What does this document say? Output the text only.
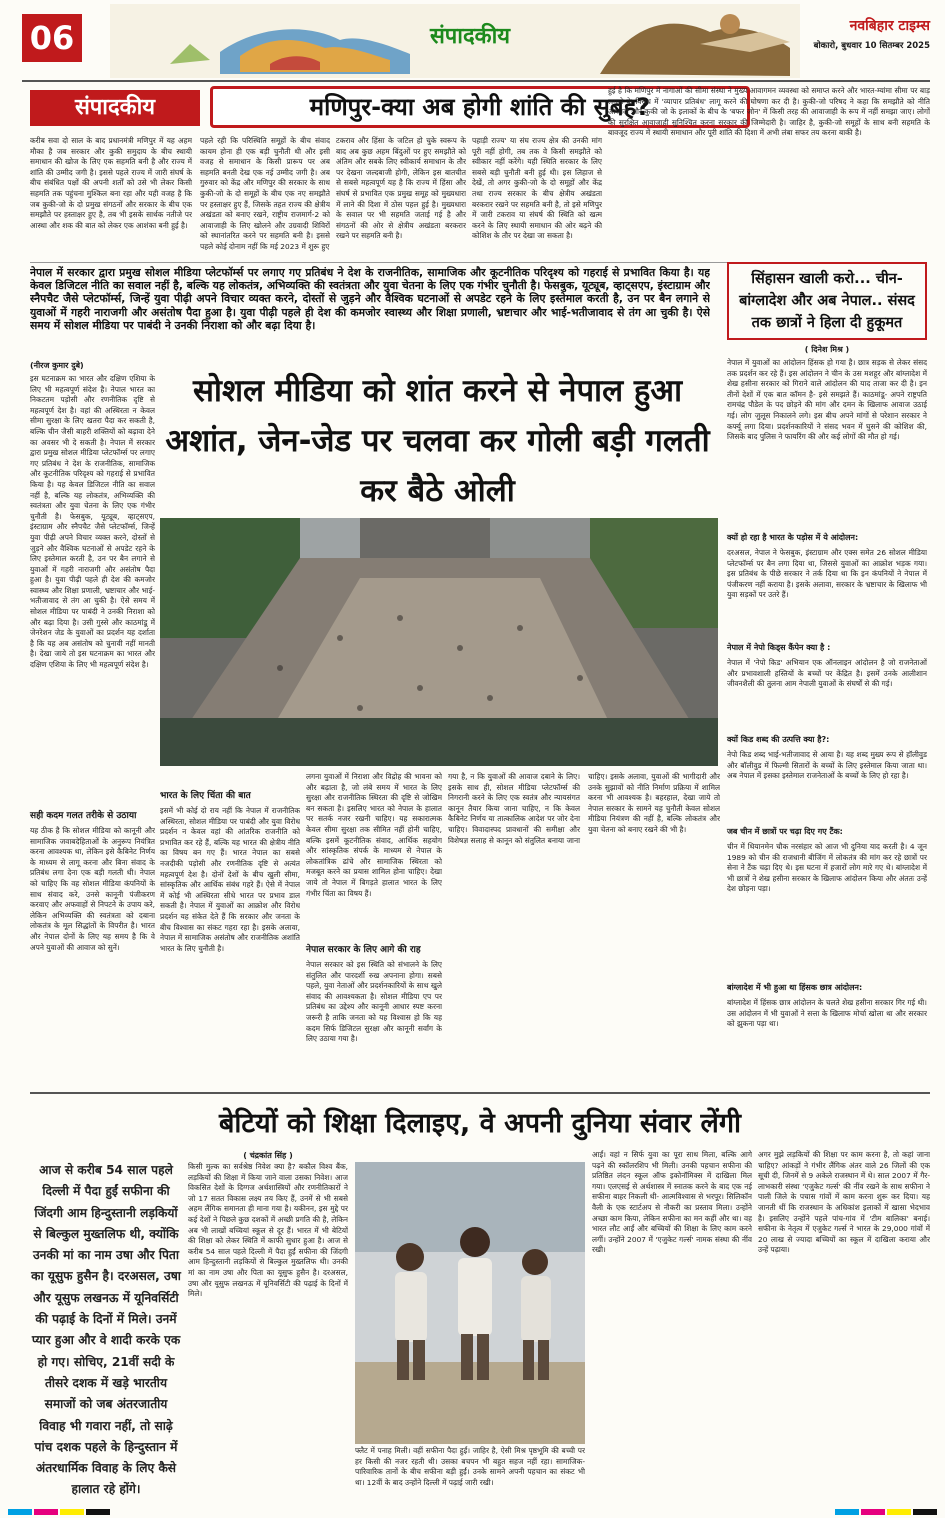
06	संपादकीय	नवबिहार टाइम्स
बोकारो, बुधवार 10 सितम्बर 2025
संपादकीय	मणिपुर-क्या अब होगी शांति की सुबह?
करीब सवा दो साल के बाद प्रधानमंत्री मणिपुर में यह अहम मौका है जब सरकार और कुकी समुदाय के बीच स्थायी समाधान की खोज के लिए एक सहमति बनी है और राज्य में शांति की उम्मीद जगी है। इससे पहले राज्य में जारी संघर्ष के बीच संबंधित पक्षों की अपनी शर्तों को उसे भी लेकर किसी सहमति तक पहुंचना मुश्किल बना रहा और यही वजह है कि जब कुकी-जो के दो प्रमुख संगठनों और सरकार के बीच एक समझौते पर हस्ताक्षर हुए है, तब भी इसके सार्थक नतीजे पर आस्था और शक की बात को लेकर एक आशंका बनी हुई है।
पहले रही कि परिस्थिति समूहों के बीच संवाद कायम होना ही एक बड़ी चुनौती थी और इसी वजह से समाधान के किसी प्रारूप पर अब सहमति बनती देख एक नई उम्मीद जगी है। अब गुरुवार को केंद्र और मणिपुर की सरकार के साथ कुकी-जो के दो समूहों के बीच एक नए समझौते पर हस्ताक्षर हुए हैं, जिसके तहत राज्य की क्षेत्रीय अखंडता को बनाए रखने, राष्ट्रीय राजमार्ग-2 को आवाजाही के लिए खोलने और उग्रवादी शिविरों को स्थानांतरित करने पर सहमति बनी है। इससे पहले कोई दोनाम नहीं कि मई 2023 में शुरू हुए
टकराव और हिंसा के जटिल हो चुके स्वरूप के बाद अब कुछ अहम बिंदुओं पर हुए समझौते को अंतिम और सबके लिए स्वीकार्य समाधान के तौर पर देखना जल्दबाजी होगी, लेकिन इस बातचीत से सबसे महत्वपूर्ण यह है कि राज्य में हिंसा और संघर्ष से प्रभावित एक प्रमुख समूह को मुख्यधारा में लाने की दिशा में ठोस पहल हुई है। मुख्यधारा के सवाल पर भी सहमति जताई गई है और संगठनों की ओर से क्षेत्रीय अखंडता बरकरार रखने पर सहमति बनी है।
पहाड़ी राज्य' या संघ राज्य क्षेत्र की उनकी मांग पूरी नहीं होगी, तब तक वे किसी समझौते को स्वीकार नहीं करेंगे। यही स्थिति सरकार के लिए सबसे बड़ी चुनौती बनी हुई थी। इस लिहाज से देखें, तो अगर कुकी-जो के दो समूहों और केंद्र तथा राज्य सरकार के बीच क्षेत्रीय अखंडता बरकरार रखने पर सहमति बनी है, तो इसे मणिपुर में जारी टकराव या संघर्ष की स्थिति को खत्म करने के लिए स्थायी समाधान की ओर बढ़ने की कोशिश के तौर पर देखा जा सकता है।
हुई है कि मणिपुर में नागाओं की सीमा संस्था ने मुख्य आवागमन व्यवस्था को समाप्त करने और भारत-म्यांमा सीमा पर बाड़ लगाने के विरोध में 'व्यापार प्रतिबंध' लागू करने की घोषणा कर दी है। कुकी-जो परिषद ने कहा कि समझौते को नीति आजादी और कुकी जो के इलाकों के बीच के 'बफर जोन' में किसी तरह की आवाजाही के रूप में नहीं समझा जाए। लोगों की सुरक्षित आवाजाही सुनिश्चित करना सरकार की जिम्मेदारी है। जाहिर है, कुकी-जो समूहों के साथ बनी सहमति के बावजूद राज्य में स्थायी समाधान और पूरी शांति की दिशा में अभी लंबा सफर तय करना बाकी है।
नेपाल में सरकार द्वारा प्रमुख सोशल मीडिया प्लेटफॉर्म्स पर लगाए गए प्रतिबंध ने देश के राजनीतिक, सामाजिक और कूटनीतिक परिदृश्य को गहराई से प्रभावित किया है। यह केवल डिजिटल नीति का सवाल नहीं है, बल्कि यह लोकतंत्र, अभिव्यक्ति की स्वतंत्रता और युवा चेतना के लिए एक गंभीर चुनौती है। फेसबुक, यूट्यूब, व्हाट्सएप, इंस्टाग्राम और स्नैपचैट जैसे प्लेटफॉर्म्स, जिन्हें युवा पीढ़ी अपने विचार व्यक्त करने, दोस्तों से जुड़ने और वैश्विक घटनाओं से अपडेट रहने के लिए इस्तेमाल करती है, उन पर बैन लगाने से युवाओं में गहरी नाराजगी और असंतोष पैदा हुआ है। युवा पीढ़ी पहले ही देश की कमजोर स्वास्थ्य और शिक्षा प्रणाली, भ्रष्टाचार और भाई-भतीजावाद से तंग आ चुकी है। ऐसे समय में सोशल मीडिया पर पाबंदी ने उनकी निराशा को और बढ़ा दिया है।
(नीरज कुमार दुबे)
इस घटनाक्रम का भारत और दक्षिण एशिया के लिए भी महत्वपूर्ण संदेश है। नेपाल भारत का निकटतम पड़ोसी और रणनीतिक दृष्टि से महत्वपूर्ण देश है। वहां की अस्थिरता न केवल सीमा सुरक्षा के लिए खतरा पैदा कर सकती है, बल्कि चीन जैसी बाहरी शक्तियों को बढ़ावा देने का अवसर भी दे सकती है। नेपाल में सरकार द्वारा प्रमुख सोशल मीडिया प्लेटफॉर्म्स पर लगाए गए प्रतिबंध ने देश के राजनीतिक, सामाजिक और कूटनीतिक परिदृश्य को गहराई से प्रभावित किया है। यह केवल डिजिटल नीति का सवाल नहीं है, बल्कि यह लोकतंत्र, अभिव्यक्ति की स्वतंत्रता और युवा चेतना के लिए एक गंभीर चुनौती है। फेसबुक, यूट्यूब, व्हाट्सएप, इंस्टाग्राम और स्नैपचैट जैसे प्लेटफॉर्म्स, जिन्हें युवा पीढ़ी अपने विचार व्यक्त करने, दोस्तों से जुड़ने और वैश्विक घटनाओं से अपडेट रहने के लिए इस्तेमाल करती है, उन पर बैन लगाने से युवाओं में गहरी नाराजगी और असंतोष पैदा हुआ है। युवा पीढ़ी पहले ही देश की कमजोर स्वास्थ्य और शिक्षा प्रणाली, भ्रष्टाचार और भाई-भतीजावाद से तंग आ चुकी है। ऐसे समय में सोशल मीडिया पर पाबंदी ने उनकी निराशा को और बढ़ा दिया है। उसी गुस्से और काठमांडू में जेनरेशन जेड के युवाओं का प्रदर्शन यह दर्शाता है कि यह अब असंतोष को चुनावी नहीं मानती है। देखा जाये तो इस घटनाक्रम का भारत और दक्षिण एशिया के लिए भी महत्वपूर्ण संदेश है।
सही कदम गलत तरीके से उठाया
यह ठीक है कि सोशल मीडिया को कानूनी और सामाजिक जवाबदेहिताओं के अनुरूप नियंत्रित करना आवश्यक था, लेकिन इसे कैबिनेट निर्णय के माध्यम से लागू करना और बिना संवाद के प्रतिबंध लगा देना एक बड़ी गलती थी। नेपाल को चाहिए कि वह सोशल मीडिया कंपनियों के साथ संवाद करे, उनसे कानूनी पंजीकरण करवाए और अफवाहों से निपटने के उपाय करे, लेकिन अभिव्यक्ति की स्वतंत्रता को दबाना लोकतंत्र के मूल सिद्धांतों के विपरीत है। भारत और नेपाल दोनों के लिए यह समय है कि वे अपने युवाओं की आवाज को सुनें।
सोशल मीडिया को शांत करने से नेपाल हुआ अशांत, जेन-जेड पर चलवा कर गोली बड़ी गलती कर बैठे ओली
भारत के लिए चिंता की बात
इसमें भी कोई दो राय नहीं कि नेपाल में राजनीतिक अस्थिरता, सोशल मीडिया पर पाबंदी और युवा विरोध प्रदर्शन न केवल वहां की आंतरिक राजनीति को प्रभावित कर रहे हैं, बल्कि यह भारत की क्षेत्रीय नीति का विषय बन गए हैं। भारत नेपाल का सबसे नजदीकी पड़ोसी और रणनीतिक दृष्टि से अत्यंत महत्वपूर्ण देश है। दोनों देशों के बीच खुली सीमा, सांस्कृतिक और आर्थिक संबंध गहरे हैं। ऐसे में नेपाल में कोई भी अस्थिरता सीधे भारत पर प्रभाव डाल सकती है। नेपाल में युवाओं का आक्रोश और विरोध प्रदर्शन यह संकेत देते हैं कि सरकार और जनता के बीच विश्वास का संकट गहरा रहा है। इसके अलावा, नेपाल में सामाजिक असंतोष और राजनीतिक अशांति भारत के लिए चुनौती है।
लगना युवाओं में निराशा और विद्रोह की भावना को और बढ़ाता है, जो लंबे समय में भारत के लिए सुरक्षा और राजनीतिक स्थिरता की दृष्टि से जोखिम बन सकता है। इसलिए भारत को नेपाल के हालात पर सतर्क नजर रखनी चाहिए। यह सकारात्मक केवल सीमा सुरक्षा तक सीमित नहीं होनी चाहिए, बल्कि इसमें कूटनीतिक संवाद, आर्थिक सहयोग और सांस्कृतिक संपर्क के माध्यम से नेपाल के लोकतांत्रिक ढांचे और सामाजिक स्थिरता को मजबूत करने का प्रयास शामिल होना चाहिए। देखा जाये तो नेपाल में बिगड़ते हालात भारत के लिए गंभीर चिंता का विषय हैं।
नेपाल सरकार के लिए आगे की राह
नेपाल सरकार को इस स्थिति को संभालने के लिए संतुलित और पारदर्शी रुख अपनाना होगा। सबसे पहले, युवा नेताओं और प्रदर्शनकारियों के साथ खुले संवाद की आवश्यकता है। सोशल मीडिया एप पर प्रतिबंध का उद्देश्य और कानूनी आधार स्पष्ट करना जरूरी है ताकि जनता को यह विश्वास हो कि यह कदम सिर्फ डिजिटल सुरक्षा और कानूनी सर्वांग के लिए उठाया गया है।
गया है, न कि युवाओं की आवाज दबाने के लिए। इसके साथ ही, सोशल मीडिया प्लेटफॉर्म्स की निगरानी करने के लिए एक स्वतंत्र और न्यायसंगत कानून तैयार किया जाना चाहिए, न कि केवल कैबिनेट निर्णय या तात्कालिक आदेश पर जोर देना चाहिए। विवादास्पद प्रावधानों की समीक्षा और विशेषज्ञ सलाह से कानून को संतुलित बनाया जाना चाहिए। इसके अलावा, युवाओं की भागीदारी और उनके सुझावों को नीति निर्माण प्रक्रिया में शामिल करना भी आवश्यक है। बहरहाल, देखा जाये तो नेपाल सरकार के सामने यह चुनौती केवल सोशल मीडिया नियंत्रण की नहीं है, बल्कि लोकतंत्र और युवा चेतना को बनाए रखने की भी है।
सिंहासन खाली करो... चीन-बांग्लादेश और अब नेपाल.. संसद तक छात्रों ने हिला दी हुकूमत
( दिनेश मिश्र )
नेपाल में युवाओं का आंदोलन हिंसक हो गया है। छात्र सड़क से लेकर संसद तक प्रदर्शन कर रहे हैं। इस आंदोलन ने चीन के उस मशहूर और बांग्लादेश में शेख हसीना सरकार को गिराने वाले आंदोलन की याद ताजा कर दी है। इन तीनों देशों में एक बात कॉमन है- इसे समझते हैं। काठमांडू- अपने राष्ट्रपति रामचंद्र पौडेल के पद छोड़ने की मांग और दमन के खिलाफ आवाज उठाई गई। लोग जुलूस निकालने लगे। इस बीच अपने मांगों से परेशान सरकार ने कर्फ्यू लगा दिया। प्रदर्शनकारियों ने संसद भवन में घुसने की कोशिश की, जिसके बाद पुलिस ने फायरिंग की और कई लोगों की मौत हो गई।
क्यों हो रहा है भारत के पड़ोस में ये आंदोलन:
दरअसल, नेपाल ने फेसबुक, इंस्टाग्राम और एक्स समेत 26 सोशल मीडिया प्लेटफॉर्म्स पर बैन लगा दिया था, जिससे युवाओं का आक्रोश भड़क गया। इस प्रतिबंध के पीछे सरकार ने तर्क दिया था कि इन कंपनियों ने नेपाल में पंजीकरण नहीं कराया है। इसके अलावा, सरकार के भ्रष्टाचार के खिलाफ भी युवा सड़कों पर उतरे हैं।
नेपाल में नेपो किड्स कैंपेन क्या है :
नेपाल में 'नेपो किड' अभियान एक ऑनलाइन आंदोलन है जो राजनेताओं और प्रभावशाली हस्तियों के बच्चों पर केंद्रित है। इसमें उनके आलीशान जीवनशैली की तुलना आम नेपाली युवाओं के संघर्षों से की गई।
क्यों किड शब्द की उत्पत्ति क्या है?:
नेपो किड शब्द भाई-भतीजावाद से आया है। यह शब्द मुख्य रूप से हॉलीवुड और बॉलीवुड में फिल्मी सितारों के बच्चों के लिए इस्तेमाल किया जाता था। अब नेपाल में इसका इस्तेमाल राजनेताओं के बच्चों के लिए हो रहा है।
जब चीन में छात्रों पर चढ़ा दिए गए टैंक:
चीन में थियानमेन चौक नरसंहार को आज भी दुनिया याद करती है। 4 जून 1989 को चीन की राजधानी बीजिंग में लोकतंत्र की मांग कर रहे छात्रों पर सेना ने टैंक चढ़ा दिए थे। इस घटना में हजारों लोग मारे गए थे। बांग्लादेश में भी छात्रों ने शेख हसीना सरकार के खिलाफ आंदोलन किया और अंततः उन्हें देश छोड़ना पड़ा।
बांग्लादेश में भी हुआ था हिंसक छात्र आंदोलन:
बांग्लादेश में हिंसक छात्र आंदोलन के चलते शेख हसीना सरकार गिर गई थी। उस आंदोलन में भी युवाओं ने सत्ता के खिलाफ मोर्चा खोला था और सरकार को झुकना पड़ा था।
बेटियों को शिक्षा दिलाइए, वे अपनी दुनिया संवार लेंगी
आज से करीब 54 साल पहले दिल्ली में पैदा हुईं सफीना की जिंदगी आम हिन्दुस्तानी लड़कियों से बिल्कुल मुख्तलिफ थी, क्योंकि उनकी मां का नाम उषा और पिता का यूसुफ हुसैन है। दरअसल, उषा और यूसुफ लखनऊ में यूनिवर्सिटी की पढ़ाई के दिनों में मिले। उनमें प्यार हुआ और वे शादी करके एक हो गए। सोचिए, 21वीं सदी के तीसरे दशक में खड़े भारतीय समाजों को जब अंतरजातीय विवाह भी गवारा नहीं, तो साढ़े पांच दशक पहले के हिन्दुस्तान में अंतरधार्मिक विवाह के लिए कैसे हालात रहे होंगे।
( चंद्रकांत सिंह )
किसी मुल्क का सर्वश्रेष्ठ निवेश क्या है? बकौल विश्व बैंक, लड़कियों की शिक्षा में किया जाने वाला उसका निवेश। आज विकसित देशों के दिग्गज अर्थशास्त्रियों और रणनीतिकारों ने जो 17 सतत विकास लक्ष्य तय किए हैं, उनमें से भी सबसे अहम लैंगिक समानता ही माना गया है। यकीनन, इस मुद्दे पर कई देशों ने पिछले कुछ दशकों में अच्छी प्रगति की है, लेकिन अब भी लाखों बच्चियां स्कूल से दूर हैं। भारत में भी बेटियों की शिक्षा को लेकर स्थिति में काफी सुधार हुआ है। आज से करीब 54 साल पहले दिल्ली में पैदा हुईं सफीना की जिंदगी आम हिन्दुस्तानी लड़कियों से बिल्कुल मुख्तलिफ थी। उनकी मां का नाम उषा और पिता का यूसुफ हुसैन है। दरअसल, उषा और यूसुफ लखनऊ में यूनिवर्सिटी की पढ़ाई के दिनों में मिले।
फ्लैट में पनाह मिली। वहीं सफीना पैदा हुईं। जाहिर है, ऐसी मिश्र पृष्ठभूमि की बच्ची पर हर किसी की नजर रहती थी। उसका बचपन भी बहुत सहज नहीं रहा। सामाजिक-पारिवारिक तानों के बीच सफीना बड़ी हुईं। उनके सामने अपनी पहचान का संकट भी था। 12वीं के बाद उन्होंने दिल्ली में पढ़ाई जारी रखी।
आईं। वहां न सिर्फ युवा का पूरा साथ मिला, बल्कि आगे पढ़ने की स्कॉलरशिप भी मिली। उनकी पहचान सफीना की प्रतिष्ठित लंदन स्कूल ऑफ इकोनॉमिक्स में दाखिला मिल गया। एलएसई से अर्थशास्त्र में स्नातक करने के बाद एक नई सफीना बाहर निकली थी- आत्मविश्वास से भरपूर। सिलिकॉन वैली के एक स्टार्टअप से नौकरी का प्रस्ताव मिला। उन्होंने अच्छा काम किया, लेकिन सफीना का मन कहीं और था। वह भारत लौट आईं और बच्चियों की शिक्षा के लिए काम करने लगीं। उन्होंने 2007 में 'एजुकेट गर्ल्स' नामक संस्था की नींव रखी।
अगर मुझे लड़कियों की शिक्षा पर काम करना है, तो कहां जाना चाहिए? आंकड़ों ने गंभीर लैंगिक अंतर वाले 26 जिलों की एक सूची दी, जिनमें से 9 अकेले राजस्थान में थे। साल 2007 में गैर-लाभकारी संस्था 'एजुकेट गर्ल्स' की नींव रखने के साथ सफीना ने पाली जिले के पचास गांवों में काम करना शुरू कर दिया। यह जानती थीं कि राजस्थान के अधिकांश इलाकों में खासा भेदभाव है। इसलिए उन्होंने पहले पांच-गांव में 'टीम बालिका' बनाई। सफीना के नेतृत्व में एजुकेट गर्ल्स ने भारत के 29,000 गांवों में 20 लाख से ज्यादा बच्चियों का स्कूल में दाखिला कराया और उन्हें पढ़ाया।
